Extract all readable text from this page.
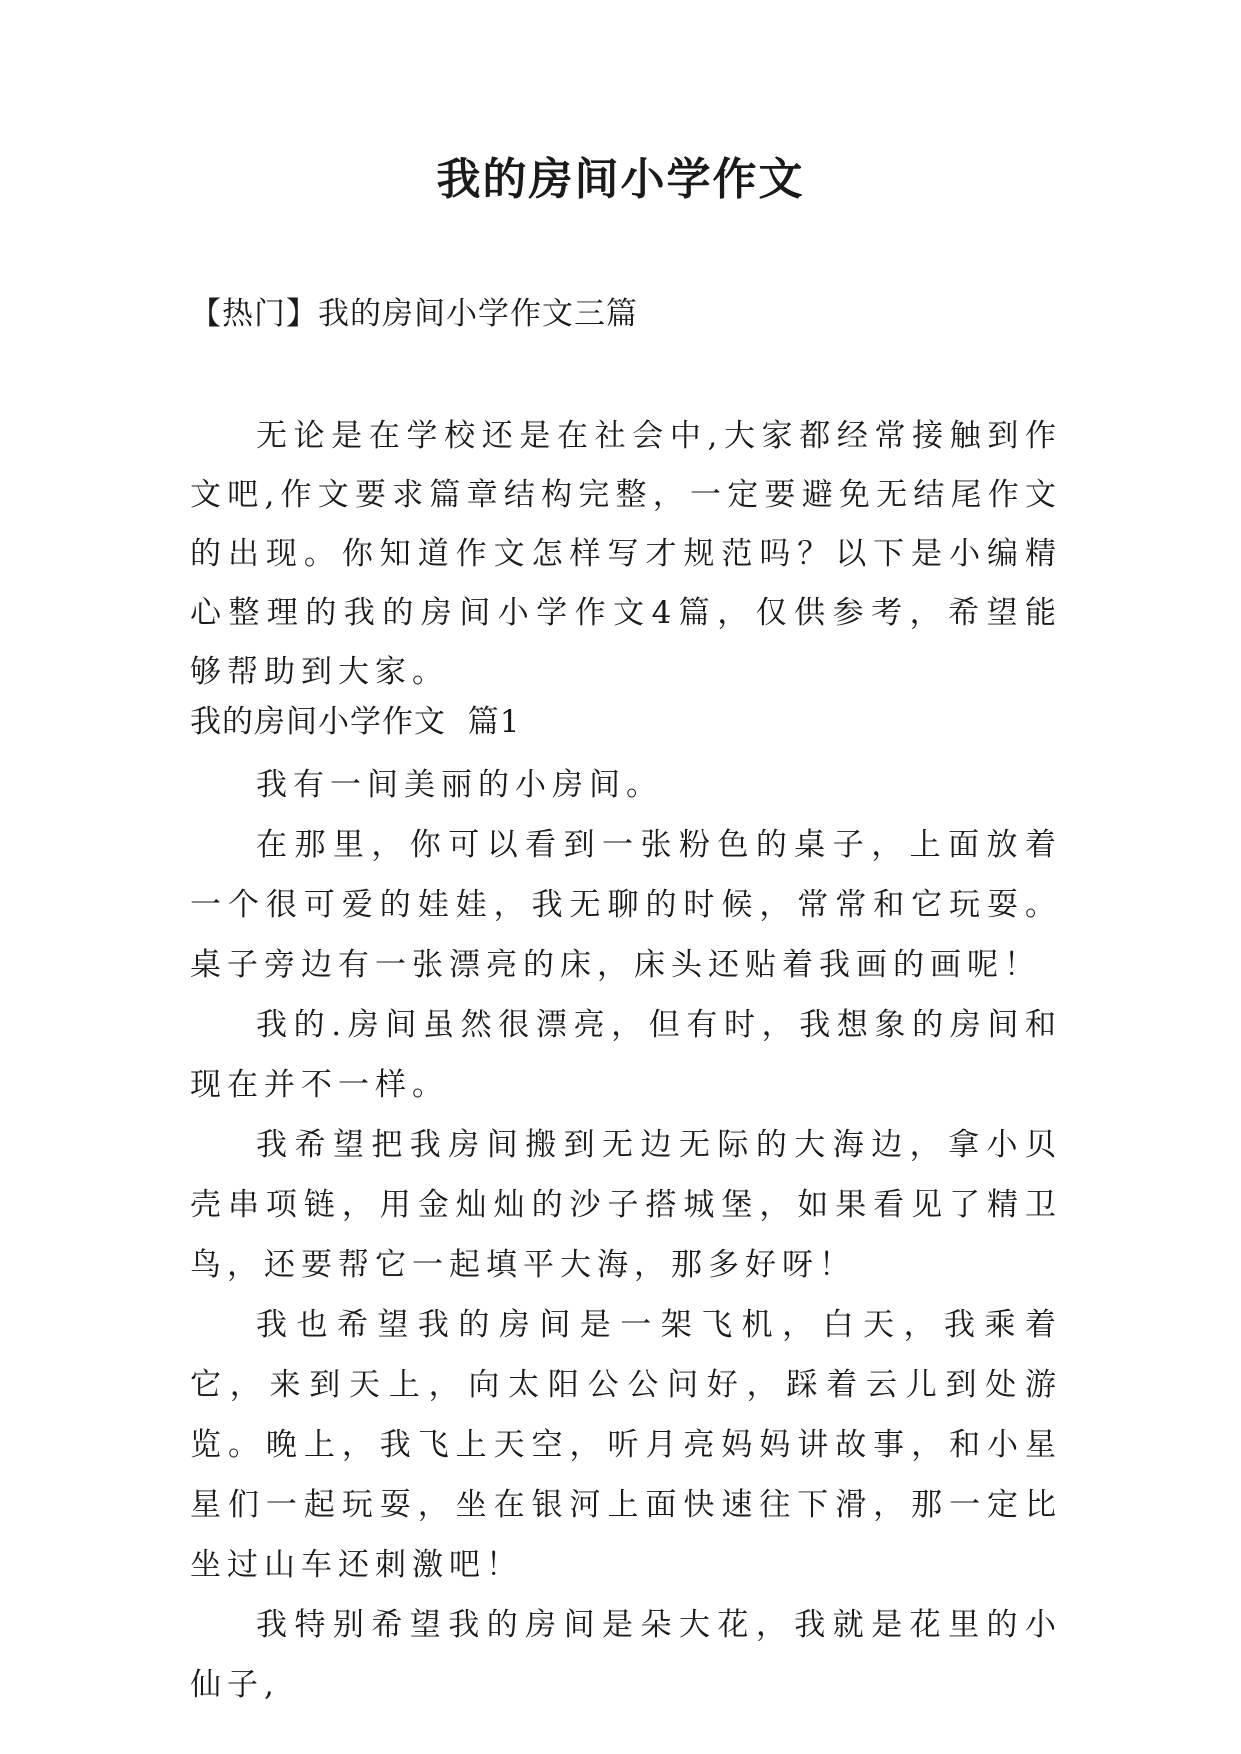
我的房间小学作文
【热门】我的房间小学作文三篇

无论是在学校还是在社会中,大家都经常接触到作文吧,作文要求篇章结构完整，一定要避免无结尾作文的出现。你知道作文怎样写才规范吗？以下是小编精心整理的我的房间小学作文4篇，仅供参考，希望能够帮助到大家。

我的房间小学作文  篇1

我有一间美丽的小房间。

在那里，你可以看到一张粉色的桌子，上面放着一个很可爱的娃娃，我无聊的时候，常常和它玩耍。桌子旁边有一张漂亮的床，床头还贴着我画的画呢！

我的.房间虽然很漂亮，但有时，我想象的房间和现在并不一样。

我希望把我房间搬到无边无际的大海边，拿小贝壳串项链，用金灿灿的沙子搭城堡，如果看见了精卫鸟，还要帮它一起填平大海，那多好呀！

我也希望我的房间是一架飞机，白天，我乘着它，来到天上，向太阳公公问好，踩着云儿到处游览。晚上，我飞上天空，听月亮妈妈讲故事，和小星星们一起玩耍，坐在银河上面快速往下滑，那一定比坐过山车还刺激吧！

我特别希望我的房间是朵大花，我就是花里的小仙子,
